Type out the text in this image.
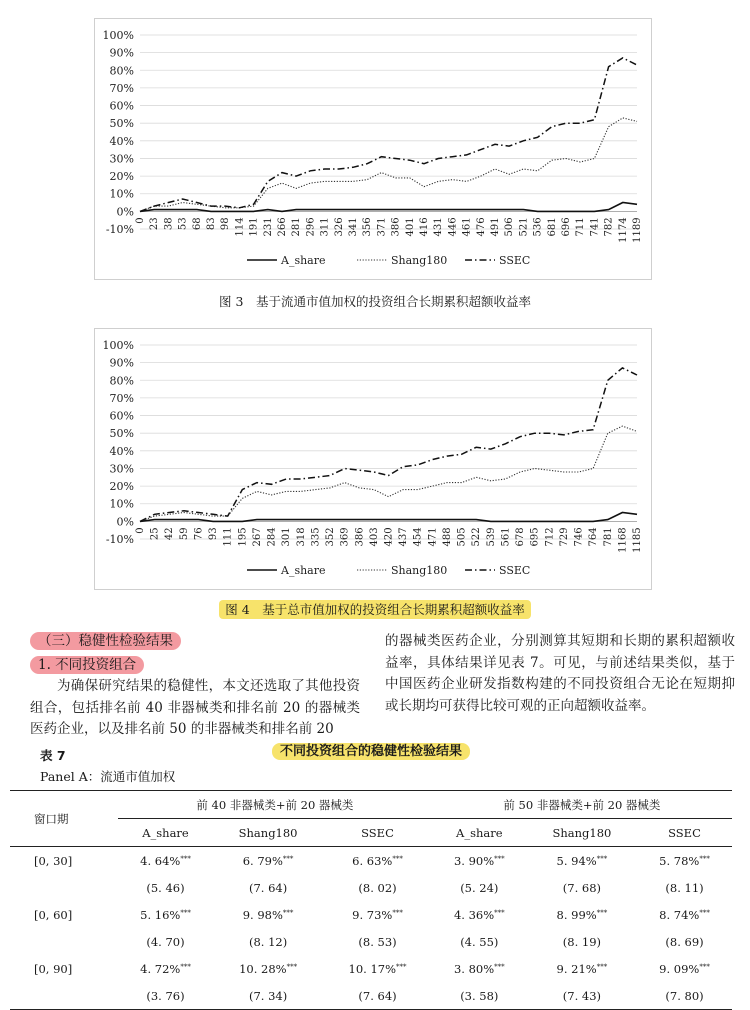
100%
90%
80%
70%
60%
50%
40%
30%
20%
10%
0%
-10%
0 23 38 53 68 83 98 114 191 231 266 281 296 311 326 341 356 371 386 401 416 431 446 461 476 491 506 521 536 681 696 711 741 782 1174 1189
A_share	Shang180	SSEC
图 3　基于流通市值加权的投资组合长期累积超额收益率
100%
90%
80%
70%
60%
50%
40%
30%
20%
10%
0%
-10%
0 25 42 59 76 93 111 195 267 284 301 318 335 352 369 386 403 420 437 454 471 488 505 522 539 561 678 695 712 729 746 764 781 1168 1185
A_share	Shang180	SSEC
图 4　基于总市值加权的投资组合长期累积超额收益率
（三）稳健性检验结果
1. 不同投资组合
为确保研究结果的稳健性，本文还选取了其他投资组合，包括排名前 40 非器械类和排名前 20 的器械类医药企业，以及排名前 50 的非器械类和排名前 20
的器械类医药企业，分别测算其短期和长期的累积超额收益率，具体结果详见表 7。可见，与前述结果类似，基于中国医药企业研发指数构建的不同投资组合无论在短期抑或长期均可获得比较可观的正向超额收益率。
表 7	不同投资组合的稳健性检验结果
Panel A：流通市值加权
窗口期	前 40 非器械类+前 20 器械类			前 50 非器械类+前 20 器械类		
	A_share	Shang180	SSEC	A_share	Shang180	SSEC
[0, 30]	4. 64%***	6. 79%***	6. 63%***	3. 90%***	5. 94%***	5. 78%***
	(5. 46)	(7. 64)	(8. 02)	(5. 24)	(7. 68)	(8. 11)
[0, 60]	5. 16%***	9. 98%***	9. 73%***	4. 36%***	8. 99%***	8. 74%***
	(4. 70)	(8. 12)	(8. 53)	(4. 55)	(8. 19)	(8. 69)
[0, 90]	4. 72%***	10. 28%***	10. 17%***	3. 80%***	9. 21%***	9. 09%***
	(3. 76)	(7. 34)	(7. 64)	(3. 58)	(7. 43)	(7. 80)
